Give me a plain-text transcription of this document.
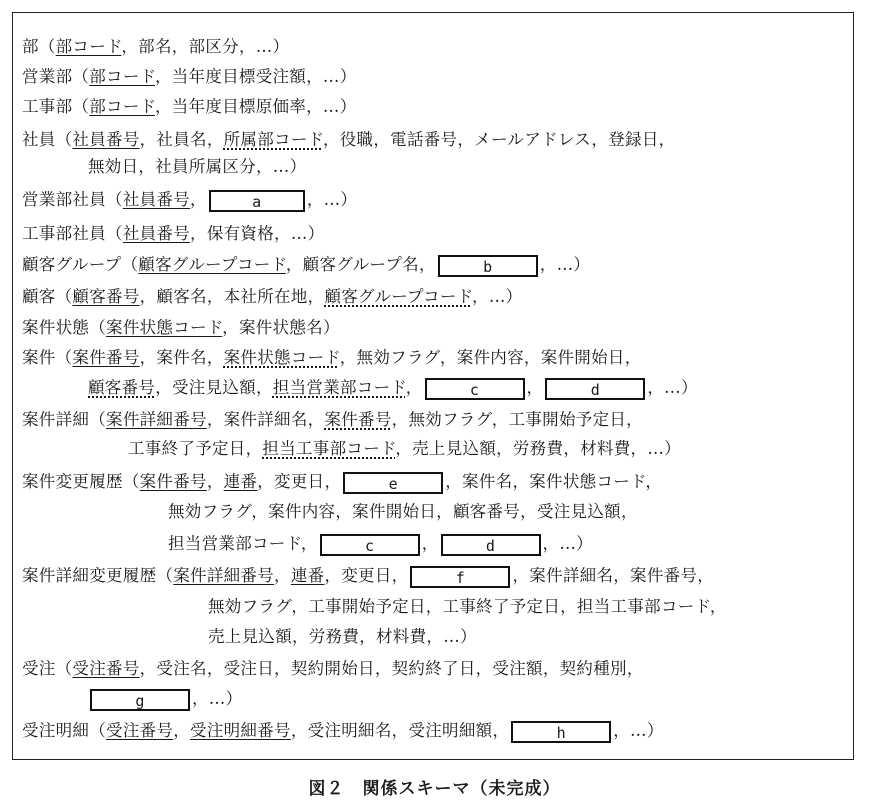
部（部コード，部名，部区分，…）
営業部（部コード，当年度目標受注額，…）
工事部（部コード，当年度目標原価率，…）
社員（社員番号，社員名，所属部コード，役職，電話番号，メールアドレス，登録日，
無効日，社員所属区分，…）
営業部社員（社員番号，	a	，…）
工事部社員（社員番号，保有資格，…）
顧客グループ（顧客グループコード，顧客グループ名，	b	，…）
顧客（顧客番号，顧客名，本社所在地，顧客グループコード，…）
案件状態（案件状態コード，案件状態名）
案件（案件番号，案件名，案件状態コード，無効フラグ，案件内容，案件開始日，
顧客番号，受注見込額，担当営業部コード，	c	，	d	，…）
案件詳細（案件詳細番号，案件詳細名，案件番号，無効フラグ，工事開始予定日，
工事終了予定日，担当工事部コード，売上見込額，労務費，材料費，…）
案件変更履歴（案件番号，連番，変更日，	e	，案件名，案件状態コード，
無効フラグ，案件内容，案件開始日，顧客番号，受注見込額，
担当営業部コード，	c	，	d	，…）
案件詳細変更履歴（案件詳細番号，連番，変更日，	f	，案件詳細名，案件番号，
無効フラグ，工事開始予定日，工事終了予定日，担当工事部コード，
売上見込額，労務費，材料費，…）
受注（受注番号，受注名，受注日，契約開始日，契約終了日，受注額，契約種別，
g	，…）
受注明細（受注番号，受注明細番号，受注明細名，受注明細額，	h	，…）
図２　関係スキーマ（未完成）
